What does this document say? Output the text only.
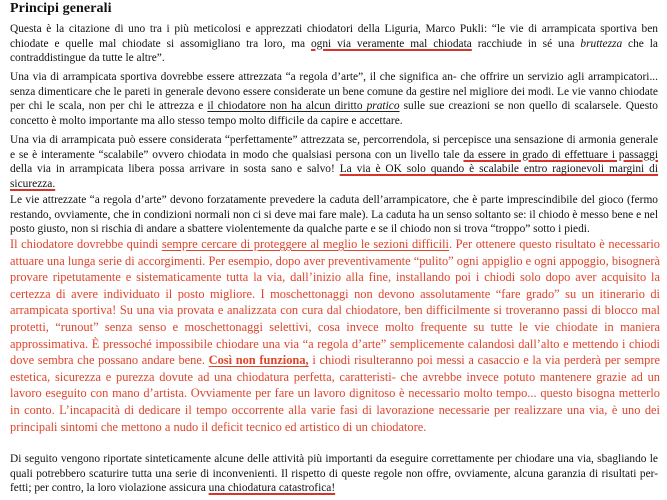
Principi generali

Questa è la citazione di uno tra i più meticolosi e apprezzati chiodatori della Liguria, Marco Pukli: “le vie di arrampicata sportiva ben chiodate e quelle mal chiodate si assomigliano tra loro, ma ogni via veramente mal chiodata racchiude in sé una bruttezza che la contraddistingue da tutte le altre”.

Una via di arrampicata sportiva dovrebbe essere attrezzata “a regola d’arte”, il che significa an- che offrire un servizio agli arrampicatori... senza dimenticare che le pareti in generale devono essere considerate un bene comune da gestire nel migliore dei modi. Le vie vanno chiodate per chi le scala, non per chi le attrezza e il chiodatore non ha alcun diritto pratico sulle sue creazioni se non quello di scalarsele. Questo concetto è molto importante ma allo stesso tempo molto difficile da capire e accettare.

Una via di arrampicata può essere considerata “perfettamente” attrezzata se, percorrendola, si percepisce una sensazione di armonia generale e se è interamente “scalabile” ovvero chiodata in modo che qualsiasi persona con un livello tale da essere in grado di effettuare i passaggi della via in arrampicata libera possa arrivare in sosta sano e salvo! La via è OK solo quando è scalabile entro ragionevoli margini di sicurezza.

Le vie attrezzate “a regola d’arte” devono forzatamente prevedere la caduta dell’arrampicatore, che è parte imprescindibile del gioco (fermo restando, ovviamente, che in condizioni normali non ci si deve mai fare male). La caduta ha un senso soltanto se: il chiodo è messo bene e nel posto giusto, non si rischia di andare a sbattere violentemente da qualche parte e se il chiodo non si trova “troppo” sotto i piedi.

Il chiodatore dovrebbe quindi sempre cercare di proteggere al meglio le sezioni difficili. Per ottenere questo risultato è necessario attuare una lunga serie di accorgimenti. Per esempio, dopo aver preventivamente “pulito” ogni appiglio e ogni appoggio, bisognerà provare ripetutamente e sistematicamente tutta la via, dall’inizio alla fine, installando poi i chiodi solo dopo aver acquisito la certezza di avere individuato il posto migliore. I moschettonaggi non devono assolutamente “fare grado” su un itinerario di arrampicata sportiva! Su una via provata e analizzata con cura dal chiodatore, ben difficilmente si troveranno passi di blocco mal protetti, “runout” senza senso e moschettonaggi selettivi, cosa invece molto frequente su tutte le vie chiodate in maniera approssimativa. È pressoché impossibile chiodare una via “a regola d’arte” semplicemente calandosi dall’alto e mettendo i chiodi dove sembra che possano andare bene. Così non funziona, i chiodi risulteranno poi messi a casaccio e la via perderà per sempre estetica, sicurezza e purezza dovute ad una chiodatura perfetta, caratteristi- che avrebbe invece potuto mantenere grazie ad un lavoro eseguito con mano d’artista. Ovviamente per fare un lavoro dignitoso è necessario molto tempo... questo bisogna metterlo in conto. L’incapacità di dedicare il tempo occorrente alla varie fasi di lavorazione necessarie per realizzare una via, è uno dei principali sintomi che mettono a nudo il deficit tecnico ed artistico di un chiodatore.

Di seguito vengono riportate sinteticamente alcune delle attività più importanti da eseguire correttamente per chiodare una via, sbagliando le quali potrebbero scaturire tutta una serie di inconvenienti. Il rispetto di queste regole non offre, ovviamente, alcuna garanzia di risultati per- fetti; per contro, la loro violazione assicura una chiodatura catastrofica!
